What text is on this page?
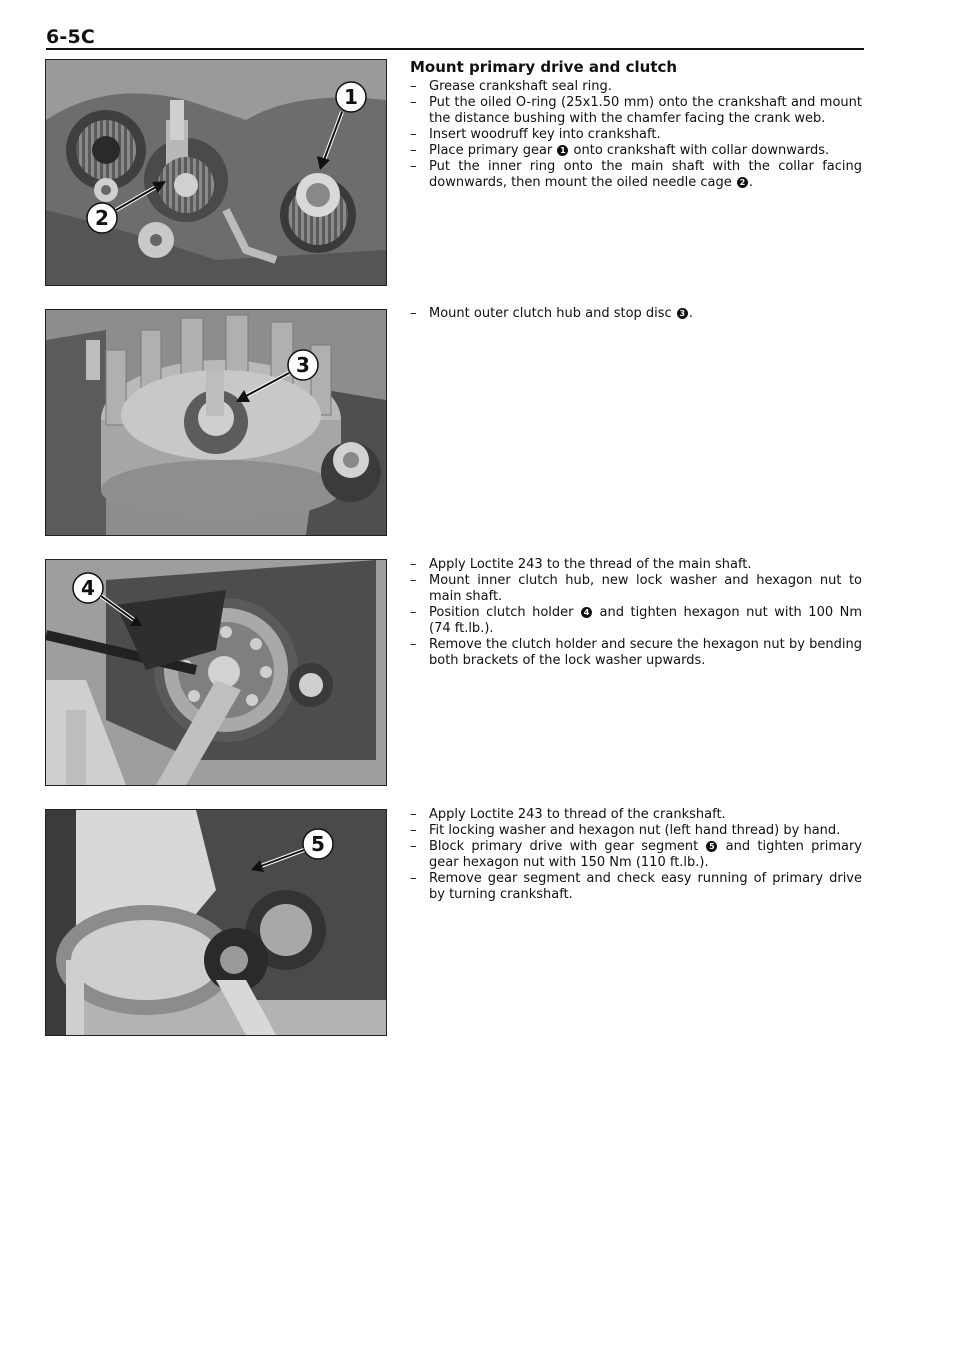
6-5C
1
2
Mount primary drive and clutch
– Grease crankshaft seal ring.
– Put the oiled O-ring (25x1.50 mm) onto the crankshaft and mount the distance bushing with the chamfer facing the crank web.
– Insert woodruff key into crankshaft.
– Place primary gear 1 onto crankshaft with collar downwards.
– Put the inner ring onto the main shaft with the collar facing downwards, then mount the oiled needle cage 2 .
3
– Mount outer clutch hub and stop disc 3 .
4
– Apply Loctite 243 to the thread of the main shaft.
– Mount inner clutch hub, new lock washer and hexagon nut to main shaft.
– Position clutch holder 4 and tighten hexagon nut with 100 Nm (74 ft.lb.).
– Remove the clutch holder and secure the hexagon nut by bending both brackets of the lock washer upwards.
5
– Apply Loctite 243 to thread of the crankshaft.
– Fit locking washer and hexagon nut (left hand thread) by hand.
– Block primary drive with gear segment 5 and tighten primary gear hexagon nut with 150 Nm (110 ft.lb.).
– Remove gear segment and check easy running of primary drive by turning crankshaft.
